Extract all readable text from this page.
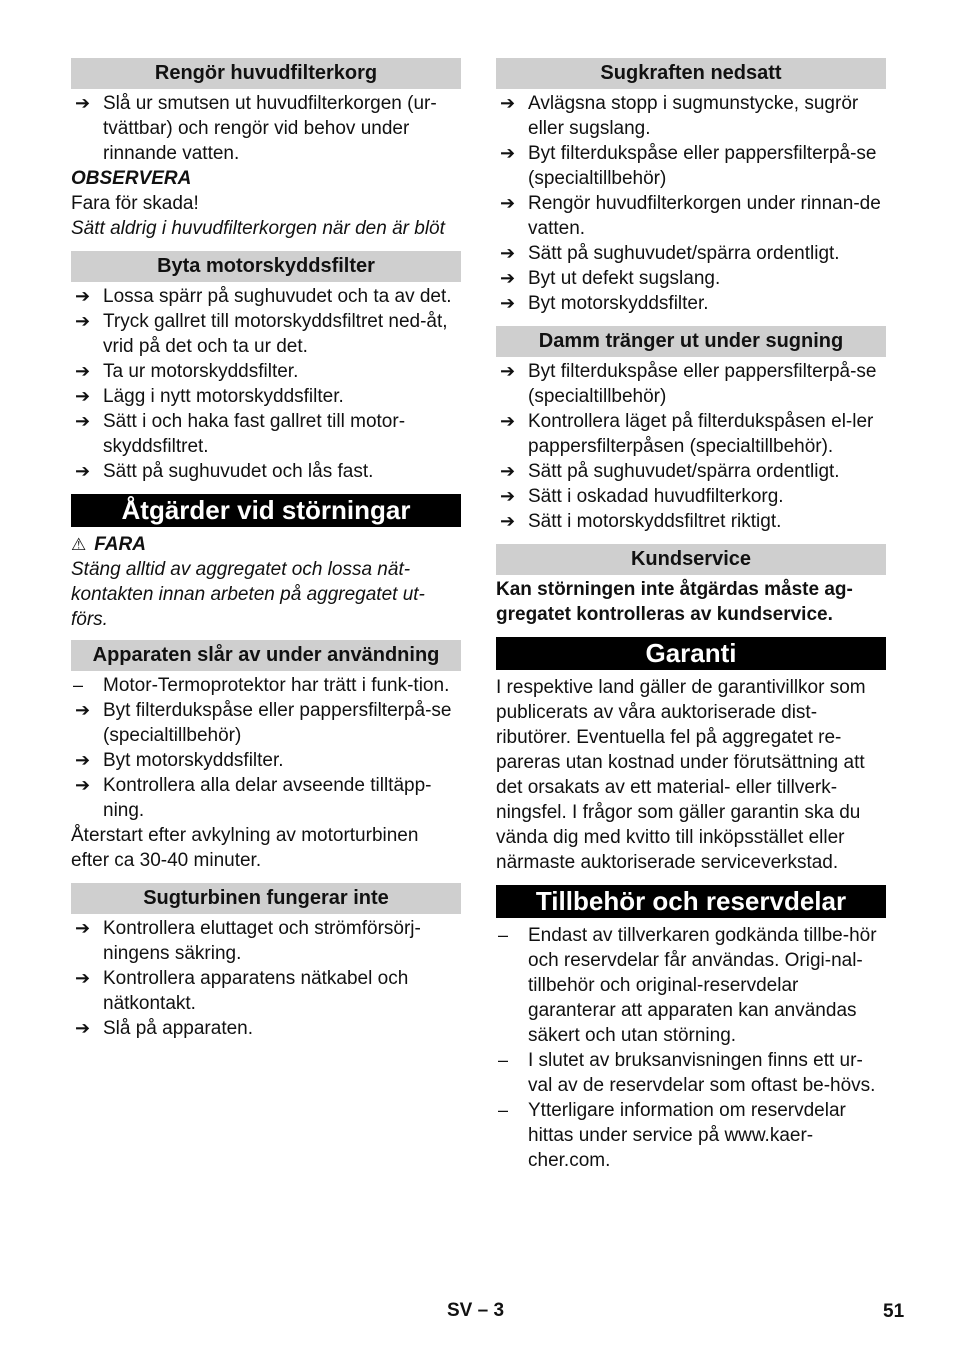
Rengör huvudfilterkorg
➔ Slå ur smutsen ut huvudfilterkorgen (ur-tvättbar) och rengör vid behov under rinnande vatten.

OBSERVERA

Fara för skada!

Sätt aldrig i huvudfilterkorgen när den är blöt

Byta motorskyddsfilter
➔ Lossa spärr på sughuvudet och ta av det.
➔ Tryck gallret till motorskyddsfiltret ned-åt, vrid på det och ta ur det.
➔ Ta ur motorskyddsfilter.
➔ Lägg i nytt motorskyddsfilter.
➔ Sätt i och haka fast gallret till motor-skyddsfiltret.
➔ Sätt på sughuvudet och lås fast.
Åtgärder vid störningar

⚠ FARA

Stäng alltid av aggregatet och lossa nät-kontakten innan arbeten på aggregatet ut-förs.

Apparaten slår av under användning
– Motor-Termoprotektor har trätt i funk-tion.
➔ Byt filterdukspåse eller pappersfilterpå-se (specialtillbehör)
➔ Byt motorskyddsfilter.
➔ Kontrollera alla delar avseende tilltäpp-ning.

Återstart efter avkylning av motorturbinen efter ca 30-40 minuter.

Sugturbinen fungerar inte
➔ Kontrollera eluttaget och strömförsörj-ningens säkring.
➔ Kontrollera apparatens nätkabel och nätkontakt.
➔ Slå på apparaten.
Sugkraften nedsatt
➔ Avlägsna stopp i sugmunstycke, sugrör eller sugslang.
➔ Byt filterdukspåse eller pappersfilterpå-se (specialtillbehör)
➔ Rengör huvudfilterkorgen under rinnan-de vatten.
➔ Sätt på sughuvudet/spärra ordentligt.
➔ Byt ut defekt sugslang.
➔ Byt motorskyddsfilter.
Damm tränger ut under sugning
➔ Byt filterdukspåse eller pappersfilterpå-se (specialtillbehör)
➔ Kontrollera läget på filterdukspåsen el-ler pappersfilterpåsen (specialtillbehör).
➔ Sätt på sughuvudet/spärra ordentligt.
➔ Sätt i oskadad huvudfilterkorg.
➔ Sätt i motorskyddsfiltret riktigt.
Kundservice

Kan störningen inte åtgärdas måste ag-gregatet kontrolleras av kundservice.

Garanti

I respektive land gäller de garantivillkor som publicerats av våra auktoriserade dist-ributörer. Eventuella fel på aggregatet re-pareras utan kostnad under förutsättning att det orsakats av ett material- eller tillverk-ningsfel. I frågor som gäller garantin ska du vända dig med kvitto till inköpsstället eller närmaste auktoriserade serviceverkstad.

Tillbehör och reservdelar
– Endast av tillverkaren godkända tillbe-hör och reservdelar får användas. Origi-nal-tillbehör och original-reservdelar garanterar att apparaten kan användas säkert och utan störning.
– I slutet av bruksanvisningen finns ett ur-val av de reservdelar som oftast be-hövs.
– Ytterligare information om reservdelar hittas under service på www.kaer-cher.com.
SV – 3	51
